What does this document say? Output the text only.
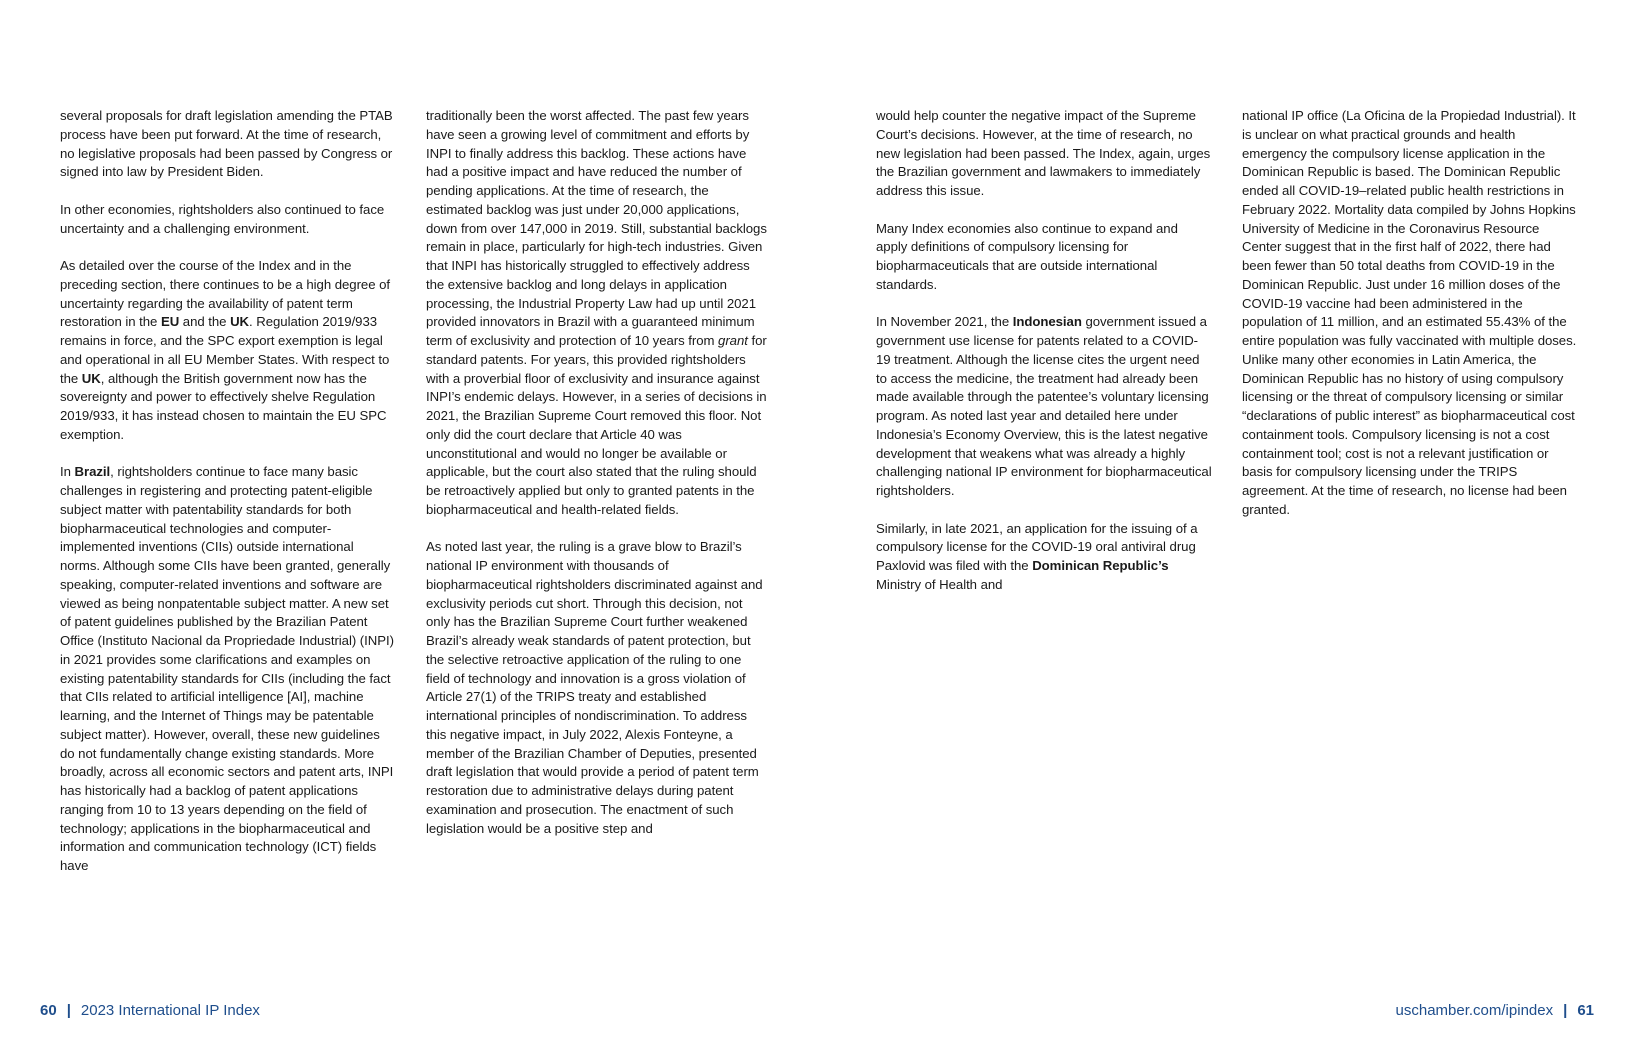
several proposals for draft legislation amending the PTAB process have been put forward. At the time of research, no legislative proposals had been passed by Congress or signed into law by President Biden.

In other economies, rightsholders also continued to face uncertainty and a challenging environment.

As detailed over the course of the Index and in the preceding section, there continues to be a high degree of uncertainty regarding the availability of patent term restoration in the EU and the UK. Regulation 2019/933 remains in force, and the SPC export exemption is legal and operational in all EU Member States. With respect to the UK, although the British government now has the sovereignty and power to effectively shelve Regulation 2019/933, it has instead chosen to maintain the EU SPC exemption.

In Brazil, rightsholders continue to face many basic challenges in registering and protecting patent-eligible subject matter with patentability standards for both biopharmaceutical technologies and computer-implemented inventions (CIIs) outside international norms. Although some CIIs have been granted, generally speaking, computer-related inventions and software are viewed as being nonpatentable subject matter. A new set of patent guidelines published by the Brazilian Patent Office (Instituto Nacional da Propriedade Industrial) (INPI) in 2021 provides some clarifications and examples on existing patentability standards for CIIs (including the fact that CIIs related to artificial intelligence [AI], machine learning, and the Internet of Things may be patentable subject matter). However, overall, these new guidelines do not fundamentally change existing standards. More broadly, across all economic sectors and patent arts, INPI has historically had a backlog of patent applications ranging from 10 to 13 years depending on the field of technology; applications in the biopharmaceutical and information and communication technology (ICT) fields have

traditionally been the worst affected. The past few years have seen a growing level of commitment and efforts by INPI to finally address this backlog. These actions have had a positive impact and have reduced the number of pending applications. At the time of research, the estimated backlog was just under 20,000 applications, down from over 147,000 in 2019. Still, substantial backlogs remain in place, particularly for high-tech industries. Given that INPI has historically struggled to effectively address the extensive backlog and long delays in application processing, the Industrial Property Law had up until 2021 provided innovators in Brazil with a guaranteed minimum term of exclusivity and protection of 10 years from grant for standard patents. For years, this provided rightsholders with a proverbial floor of exclusivity and insurance against INPI’s endemic delays. However, in a series of decisions in 2021, the Brazilian Supreme Court removed this floor. Not only did the court declare that Article 40 was unconstitutional and would no longer be available or applicable, but the court also stated that the ruling should be retroactively applied but only to granted patents in the biopharmaceutical and health-related fields.

As noted last year, the ruling is a grave blow to Brazil’s national IP environment with thousands of biopharmaceutical rightsholders discriminated against and exclusivity periods cut short. Through this decision, not only has the Brazilian Supreme Court further weakened Brazil’s already weak standards of patent protection, but the selective retroactive application of the ruling to one field of technology and innovation is a gross violation of Article 27(1) of the TRIPS treaty and established international principles of nondiscrimination. To address this negative impact, in July 2022, Alexis Fonteyne, a member of the Brazilian Chamber of Deputies, presented draft legislation that would provide a period of patent term restoration due to administrative delays during patent examination and prosecution. The enactment of such legislation would be a positive step and

would help counter the negative impact of the Supreme Court’s decisions. However, at the time of research, no new legislation had been passed. The Index, again, urges the Brazilian government and lawmakers to immediately address this issue.

Many Index economies also continue to expand and apply definitions of compulsory licensing for biopharmaceuticals that are outside international standards.

In November 2021, the Indonesian government issued a government use license for patents related to a COVID-19 treatment. Although the license cites the urgent need to access the medicine, the treatment had already been made available through the patentee’s voluntary licensing program. As noted last year and detailed here under Indonesia’s Economy Overview, this is the latest negative development that weakens what was already a highly challenging national IP environment for biopharmaceutical rightsholders.

Similarly, in late 2021, an application for the issuing of a compulsory license for the COVID-19 oral antiviral drug Paxlovid was filed with the Dominican Republic’s Ministry of Health and

national IP office (La Oficina de la Propiedad Industrial). It is unclear on what practical grounds and health emergency the compulsory license application in the Dominican Republic is based. The Dominican Republic ended all COVID-19–related public health restrictions in February 2022. Mortality data compiled by Johns Hopkins University of Medicine in the Coronavirus Resource Center suggest that in the first half of 2022, there had been fewer than 50 total deaths from COVID-19 in the Dominican Republic. Just under 16 million doses of the COVID-19 vaccine had been administered in the population of 11 million, and an estimated 55.43% of the entire population was fully vaccinated with multiple doses. Unlike many other economies in Latin America, the Dominican Republic has no history of using compulsory licensing or the threat of compulsory licensing or similar “declarations of public interest” as biopharmaceutical cost containment tools. Compulsory licensing is not a cost containment tool; cost is not a relevant justification or basis for compulsory licensing under the TRIPS agreement. At the time of research, no license had been granted.

60 | 2023 International IP Index	uschamber.com/ipindex | 61
